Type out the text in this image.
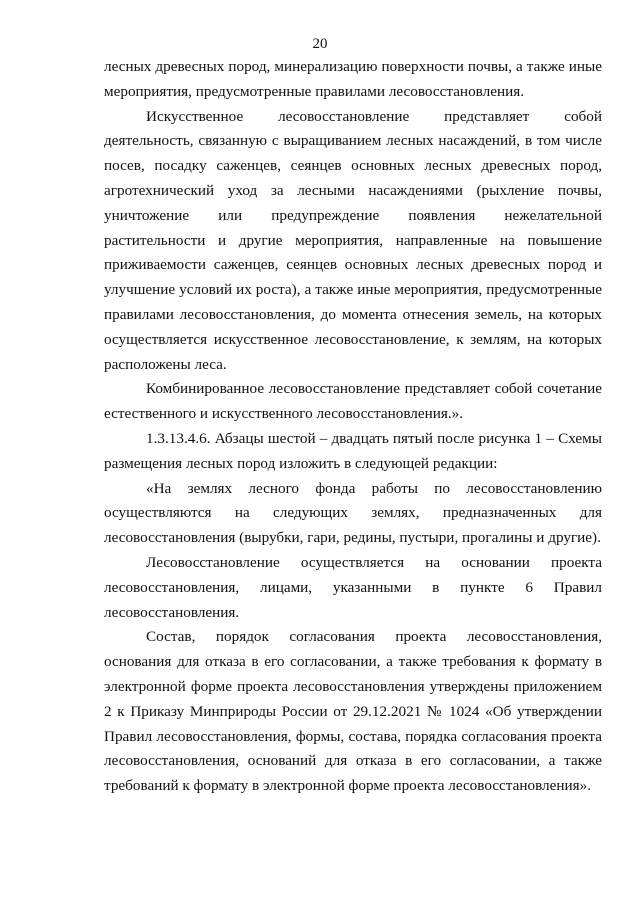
20

лесных древесных пород, минерализацию поверхности почвы, а также иные мероприятия, предусмотренные правилами лесовосстановления.

Искусственное лесовосстановление представляет собой деятельность, связанную с выращиванием лесных насаждений, в том числе посев, посадку саженцев, сеянцев основных лесных древесных пород, агротехнический уход за лесными насаждениями (рыхление почвы, уничтожение или предупреждение появления нежелательной растительности и другие мероприятия, направленные на повышение приживаемости саженцев, сеянцев основных лесных древесных пород и улучшение условий их роста), а также иные мероприятия, предусмотренные правилами лесовосстановления, до момента отнесения земель, на которых осуществляется искусственное лесовосстановление, к землям, на которых расположены леса.

Комбинированное лесовосстановление представляет собой сочетание естественного и искусственного лесовосстановления.».

1.3.13.4.6. Абзацы шестой – двадцать пятый после рисунка 1 – Схемы размещения лесных пород изложить в следующей редакции:

«На землях лесного фонда работы по лесовосстановлению осуществляются на следующих землях, предназначенных для лесовосстановления (вырубки, гари, редины, пустыри, прогалины и другие).

Лесовосстановление осуществляется на основании проекта лесовосстановления, лицами, указанными в пункте 6 Правил лесовосстановления.

Состав, порядок согласования проекта лесовосстановления, основания для отказа в его согласовании, а также требования к формату в электронной форме проекта лесовосстановления утверждены приложением 2 к Приказу Минприроды России от 29.12.2021 № 1024 «Об утверждении Правил лесовосстановления, формы, состава, порядка согласования проекта лесовосстановления, оснований для отказа в его согласовании, а также требований к формату в электронной форме проекта лесовосстановления».
